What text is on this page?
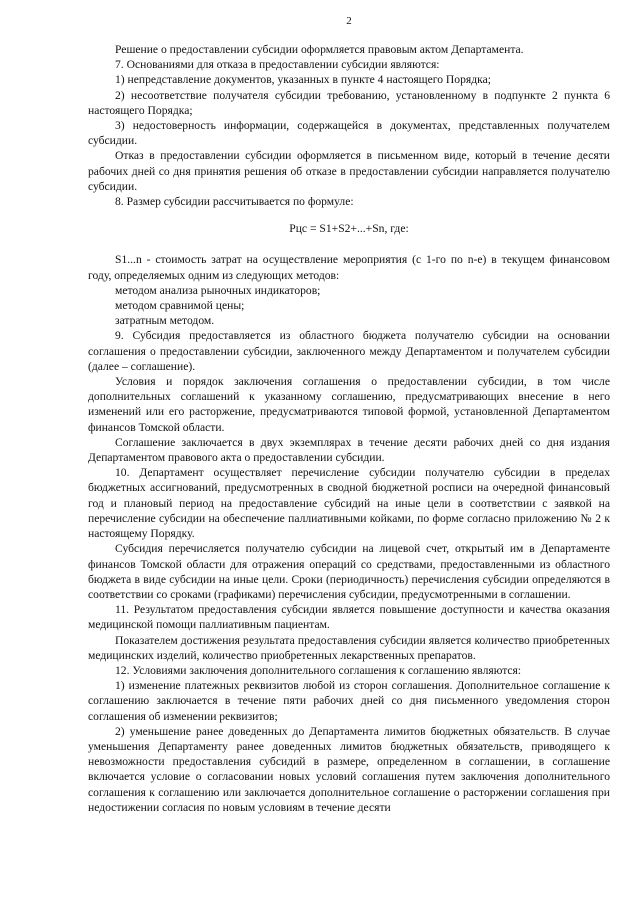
2

Решение о предоставлении субсидии оформляется правовым актом Департамента.

7. Основаниями для отказа в предоставлении субсидии являются:

1) непредставление документов, указанных в пункте 4 настоящего Порядка;

2) несоответствие получателя субсидии требованию, установленному в подпункте 2 пункта 6 настоящего Порядка;

3) недостоверность информации, содержащейся в документах, представленных получателем субсидии.

Отказ в предоставлении субсидии оформляется в письменном виде, который в течение десяти рабочих дней со дня принятия решения об отказе в предоставлении субсидии направляется получателю субсидии.

8. Размер субсидии рассчитывается по формуле:

Рцс = S1+S2+...+Sn, где:

S1...n - стоимость затрат на осуществление мероприятия (с 1-го по n-е) в текущем финансовом году, определяемых одним из следующих методов:

методом анализа рыночных индикаторов;

методом сравнимой цены;

затратным методом.

9. Субсидия предоставляется из областного бюджета получателю субсидии на основании соглашения о предоставлении субсидии, заключенного между Департаментом и получателем субсидии (далее – соглашение).

Условия и порядок заключения соглашения о предоставлении субсидии, в том числе дополнительных соглашений к указанному соглашению, предусматривающих внесение в него изменений или его расторжение, предусматриваются типовой формой, установленной Департаментом финансов Томской области.

Соглашение заключается в двух экземплярах в течение десяти рабочих дней со дня издания Департаментом правового акта о предоставлении субсидии.

10. Департамент осуществляет перечисление субсидии получателю субсидии в пределах бюджетных ассигнований, предусмотренных в сводной бюджетной росписи на очередной финансовый год и плановый период на предоставление субсидий на иные цели в соответствии с заявкой на перечисление субсидии на обеспечение паллиативными койками, по форме согласно приложению № 2 к настоящему Порядку.

Субсидия перечисляется получателю субсидии на лицевой счет, открытый им в Департаменте финансов Томской области для отражения операций со средствами, предоставленными из областного бюджета в виде субсидии на иные цели. Сроки (периодичность) перечисления субсидии определяются в соответствии со сроками (графиками) перечисления субсидии, предусмотренными в соглашении.

11. Результатом предоставления субсидии является повышение доступности и качества оказания медицинской помощи паллиативным пациентам.

Показателем достижения результата предоставления субсидии является количество приобретенных медицинских изделий, количество приобретенных лекарственных препаратов.

12. Условиями заключения дополнительного соглашения к соглашению являются:

1) изменение платежных реквизитов любой из сторон соглашения. Дополнительное соглашение к соглашению заключается в течение пяти рабочих дней со дня письменного уведомления сторон соглашения об изменении реквизитов;

2) уменьшение ранее доведенных до Департамента лимитов бюджетных обязательств. В случае уменьшения Департаменту ранее доведенных лимитов бюджетных обязательств, приводящего к невозможности предоставления субсидий в размере, определенном в соглашении, в соглашение включается условие о согласовании новых условий соглашения путем заключения дополнительного соглашения к соглашению или заключается дополнительное соглашение о расторжении соглашения при недостижении согласия по новым условиям в течение десяти
